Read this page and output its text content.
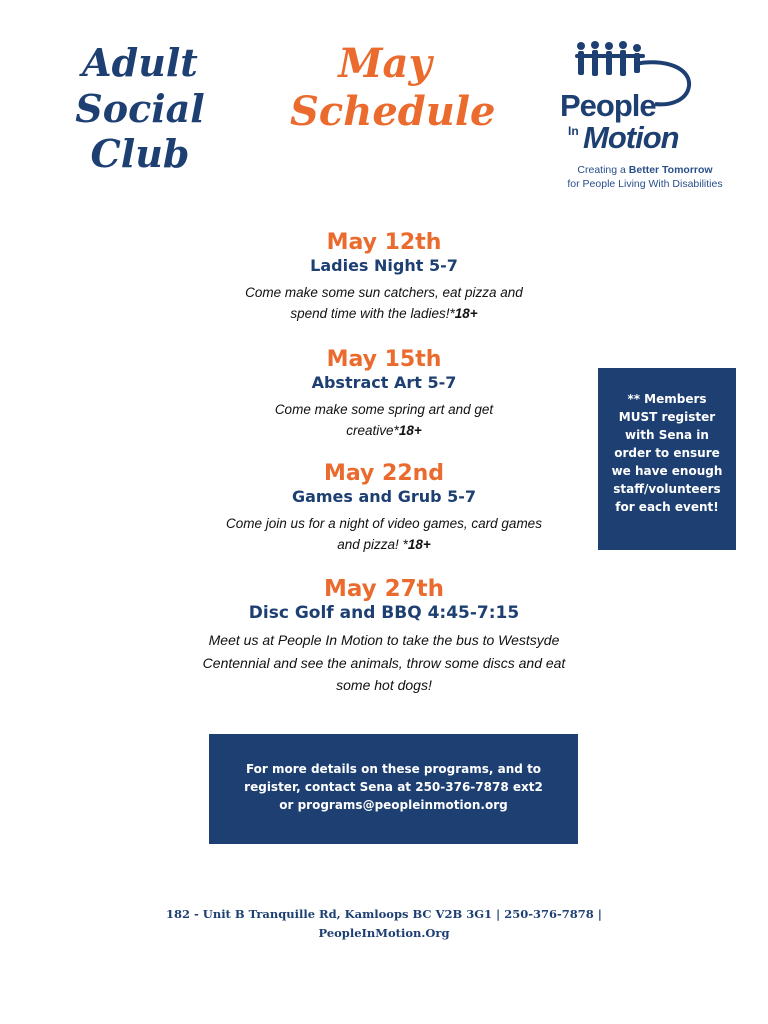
Adult
Social Club
May
Schedule People
In Motion
Creating a Better Tomorrow
for People Living With Disabilities
May 12th
Ladies Night 5-7
Come make some sun catchers, eat pizza and
spend time with the ladies!*18+
May 15th
Abstract Art 5-7
Come make some spring art and get
creative*18+
May 22nd
Games and Grub 5-7
Come join us for a night of video games, card games
and pizza! *18+
May 27th
Disc Golf and BBQ 4:45-7:15
Meet us at People In Motion to take the bus to Westsyde
Centennial and see the animals, throw some discs and eat
some hot dogs!
** Members
MUST register
with Sena in
order to ensure
we have enough
staff/volunteers
for each event!
For more details on these programs, and to
register, contact Sena at 250-376-7878 ext2
or programs@peopleinmotion.org
182 - Unit B Tranquille Rd, Kamloops BC V2B 3G1 | 250-376-7878 |
PeopleInMotion.Org
